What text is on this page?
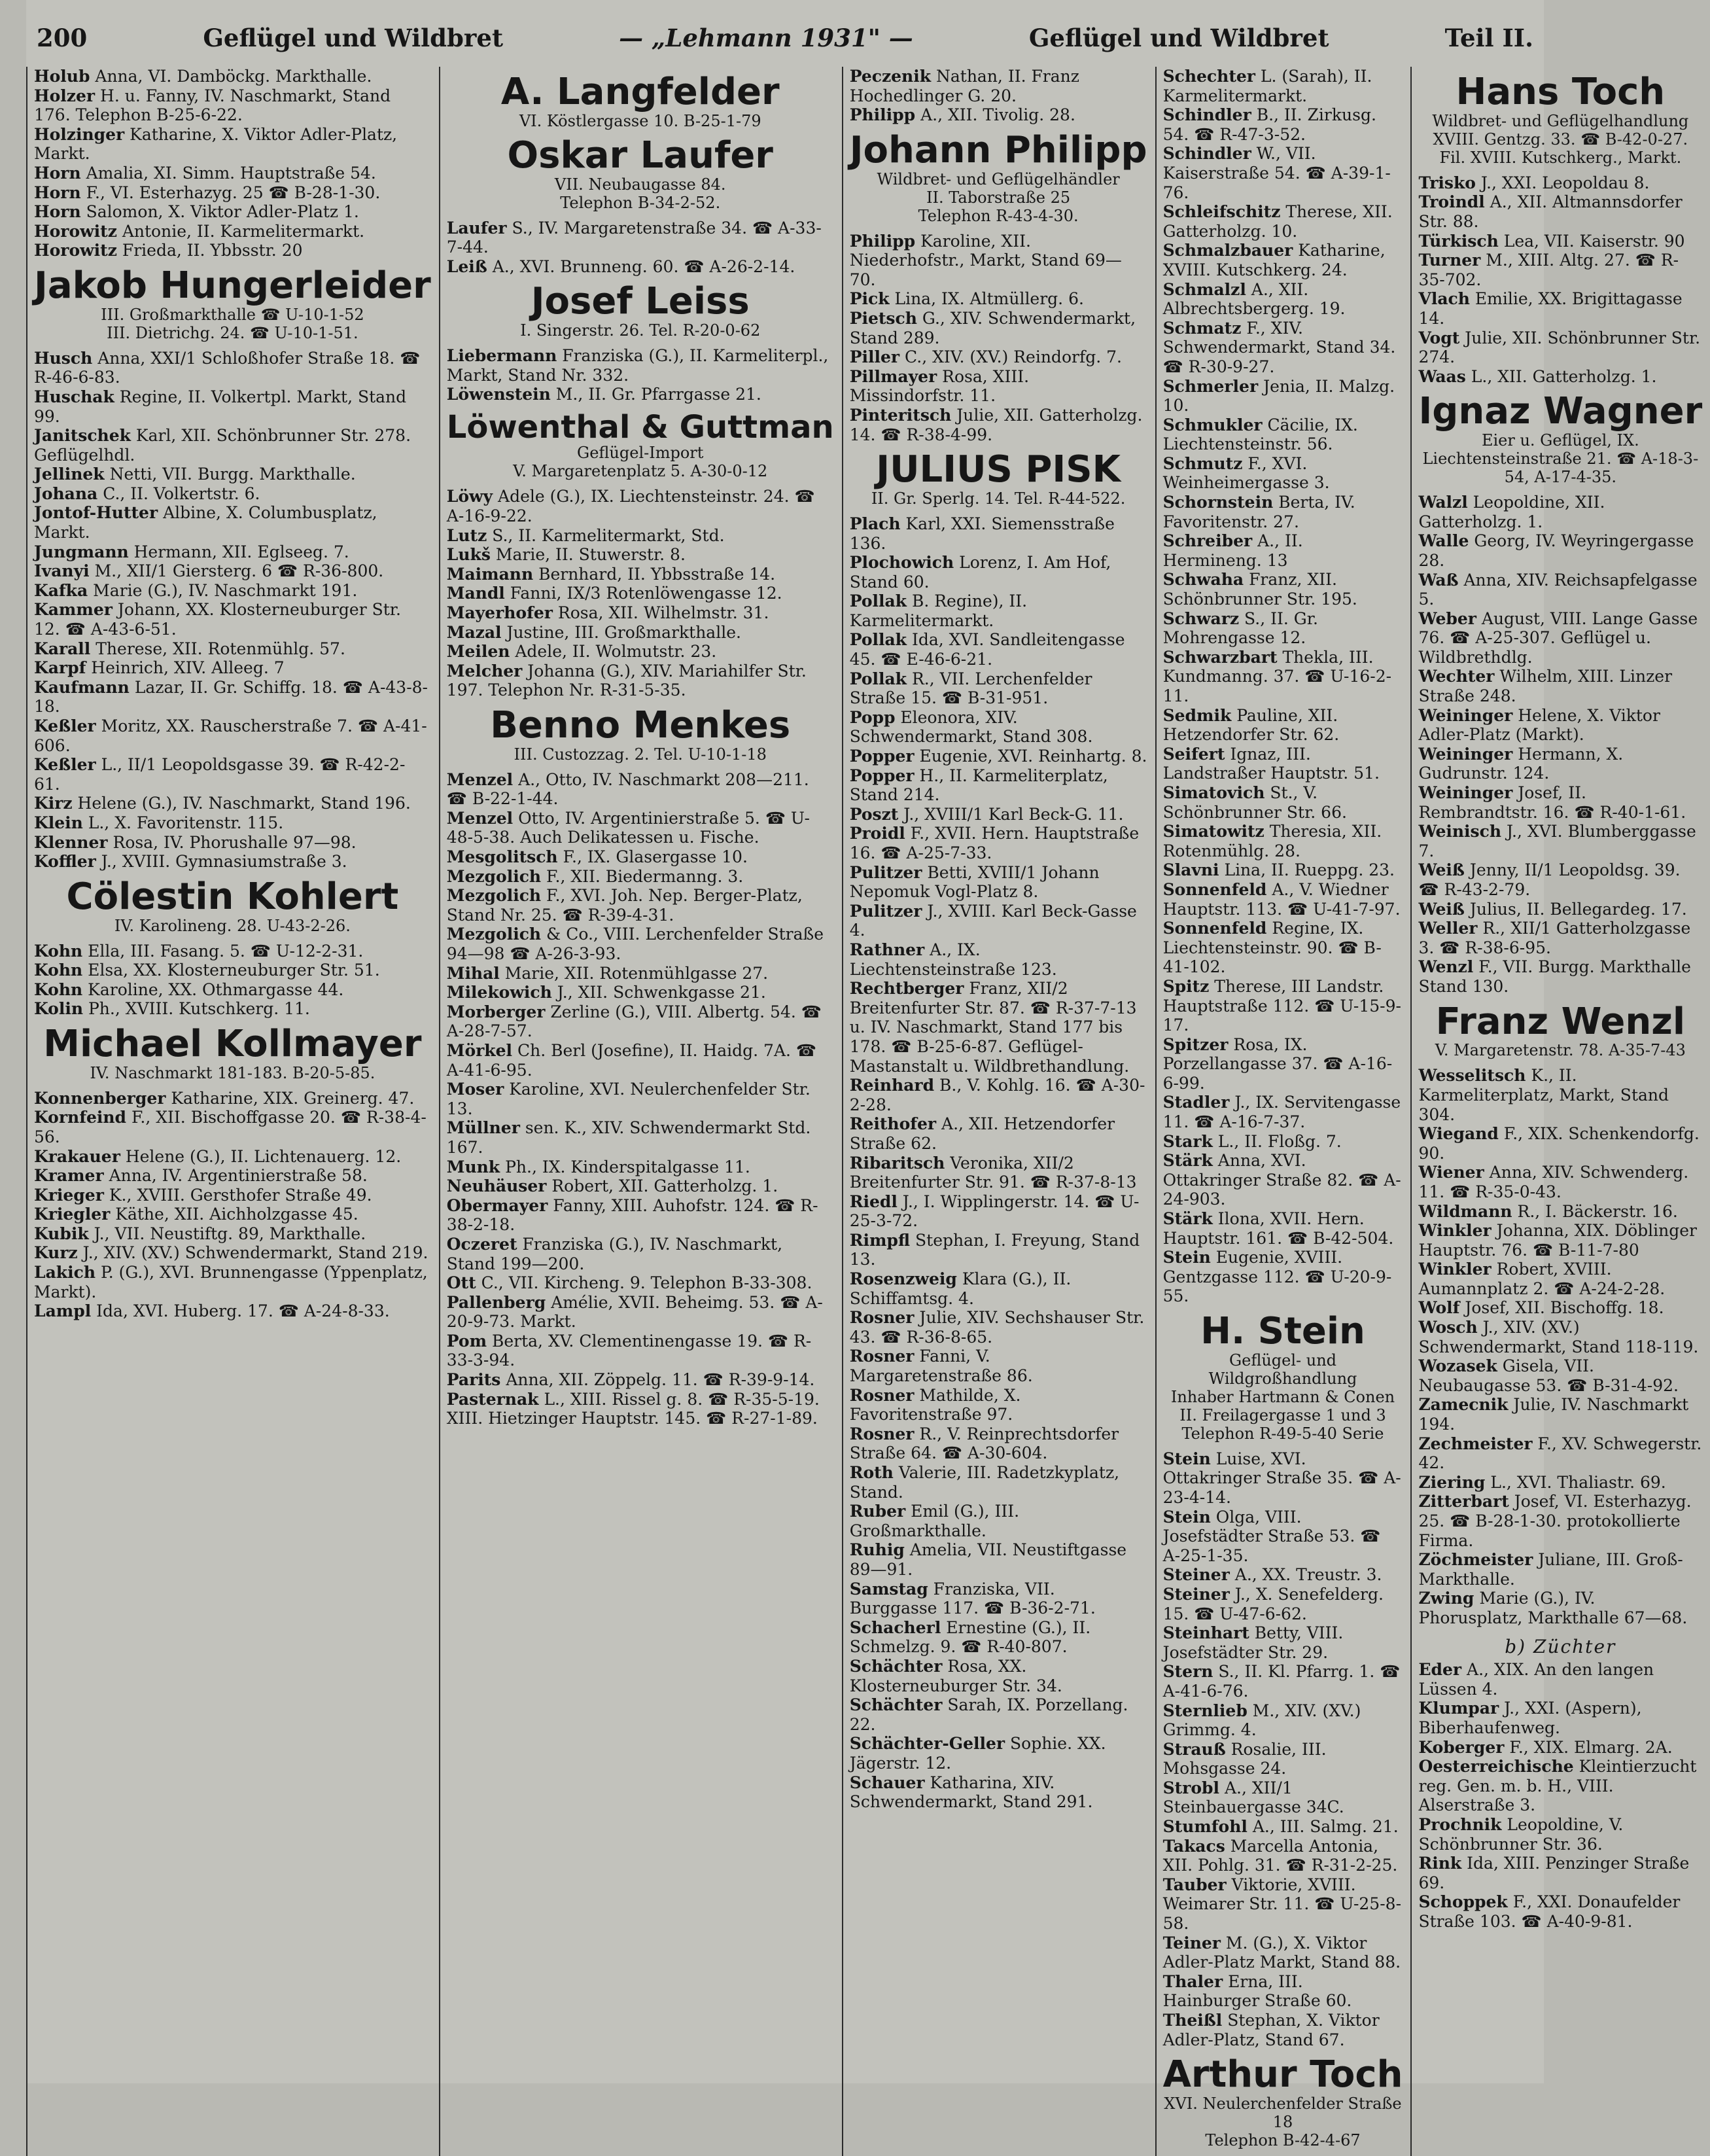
200	Geflügel und Wildbret	— „Lehmann 1931" —	Geflügel und Wildbret	Teil II.
Holub Anna, VI. Damböckg. Markthalle.
Holzer H. u. Fanny, IV. Naschmarkt, Stand 176. Telephon B-25-6-22.
Holzinger Katharine, X. Viktor Adler-Platz, Markt.
Horn Amalia, XI. Simm. Hauptstraße 54.
Horn F., VI. Esterhazyg. 25 ☎ B-28-1-30.
Horn Salomon, X. Viktor Adler-Platz 1.
Horowitz Antonie, II. Karmelitermarkt.
Horowitz Frieda, II. Ybbsstr. 20
Jakob Hungerleider
III. Großmarkthalle ☎ U-10-1-52
III. Dietrichg. 24. ☎ U-10-1-51.
Husch Anna, XXI/1 Schloßhofer Straße 18. ☎ R-46-6-83.
Huschak Regine, II. Volkertpl. Markt, Stand 99.
Janitschek Karl, XII. Schönbrunner Str. 278. Geflügelhdl.
Jellinek Netti, VII. Burgg. Markthalle.
Johana C., II. Volkertstr. 6.
Jontof-Hutter Albine, X. Columbusplatz, Markt.
Jungmann Hermann, XII. Eglseeg. 7.
Ivanyi M., XII/1 Giersterg. 6 ☎ R-36-800.
Kafka Marie (G.), IV. Naschmarkt 191.
Kammer Johann, XX. Klosterneuburger Str. 12. ☎ A-43-6-51.
Karall Therese, XII. Rotenmühlg. 57.
Karpf Heinrich, XIV. Alleeg. 7
Kaufmann Lazar, II. Gr. Schiffg. 18. ☎ A-43-8-18.
Keßler Moritz, XX. Rauscherstraße 7. ☎ A-41-606.
Keßler L., II/1 Leopoldsgasse 39. ☎ R-42-2-61.
Kirz Helene (G.), IV. Naschmarkt, Stand 196.
Klein L., X. Favoritenstr. 115.
Klenner Rosa, IV. Phorushalle 97—98.
Koffler J., XVIII. Gymnasiumstraße 3.
Cölestin Kohlert
IV. Karolineng. 28. U-43-2-26.
Kohn Ella, III. Fasang. 5. ☎ U-12-2-31.
Kohn Elsa, XX. Klosterneuburger Str. 51.
Kohn Karoline, XX. Othmargasse 44.
Kolin Ph., XVIII. Kutschkerg. 11.
Michael Kollmayer
IV. Naschmarkt 181-183. B-20-5-85.
Konnenberger Katharine, XIX. Greinerg. 47.
Kornfeind F., XII. Bischoffgasse 20. ☎ R-38-4-56.
Krakauer Helene (G.), II. Lichtenauerg. 12.
Kramer Anna, IV. Argentinierstraße 58.
Krieger K., XVIII. Gersthofer Straße 49.
Kriegler Käthe, XII. Aichholzgasse 45.
Kubik J., VII. Neustiftg. 89, Markthalle.
Kurz J., XIV. (XV.) Schwendermarkt, Stand 219.
Lakich P. (G.), XVI. Brunnengasse (Yppenplatz, Markt).
Lampl Ida, XVI. Huberg. 17. ☎ A-24-8-33.
A. Langfelder
VI. Köstlergasse 10. B-25-1-79
Oskar Laufer
VII. Neubaugasse 84.
Telephon B-34-2-52.
Laufer S., IV. Margaretenstraße 34. ☎ A-33-7-44.
Leiß A., XVI. Brunneng. 60. ☎ A-26-2-14.
Josef Leiss
I. Singerstr. 26. Tel. R-20-0-62
Liebermann Franziska (G.), II. Karmeliterpl., Markt, Stand Nr. 332.
Löwenstein M., II. Gr. Pfarrgasse 21.
Löwenthal & Guttman
Geflügel-Import
V. Margaretenplatz 5. A-30-0-12
Löwy Adele (G.), IX. Liechtensteinstr. 24. ☎ A-16-9-22.
Lutz S., II. Karmelitermarkt, Std.
Lukš Marie, II. Stuwerstr. 8.
Maimann Bernhard, II. Ybbsstraße 14.
Mandl Fanni, IX/3 Rotenlöwengasse 12.
Mayerhofer Rosa, XII. Wilhelmstr. 31.
Mazal Justine, III. Großmarkthalle.
Meilen Adele, II. Wolmutstr. 23.
Melcher Johanna (G.), XIV. Mariahilfer Str. 197. Telephon Nr. R-31-5-35.
Benno Menkes
III. Custozzag. 2. Tel. U-10-1-18
Menzel A., Otto, IV. Naschmarkt 208—211. ☎ B-22-1-44.
Menzel Otto, IV. Argentinierstraße 5. ☎ U-48-5-38. Auch Delikatessen u. Fische.
Mesgolitsch F., IX. Glasergasse 10.
Mezgolich F., XII. Biedermanng. 3.
Mezgolich F., XVI. Joh. Nep. Berger-Platz, Stand Nr. 25. ☎ R-39-4-31.
Mezgolich & Co., VIII. Lerchenfelder Straße 94—98 ☎ A-26-3-93.
Mihal Marie, XII. Rotenmühlgasse 27.
Milekowich J., XII. Schwenkgasse 21.
Morberger Zerline (G.), VIII. Albertg. 54. ☎ A-28-7-57.
Mörkel Ch. Berl (Josefine), II. Haidg. 7A. ☎ A-41-6-95.
Moser Karoline, XVI. Neulerchenfelder Str. 13.
Müllner sen. K., XIV. Schwendermarkt Std. 167.
Munk Ph., IX. Kinderspitalgasse 11.
Neuhäuser Robert, XII. Gatterholzg. 1.
Obermayer Fanny, XIII. Auhofstr. 124. ☎ R-38-2-18.
Oczeret Franziska (G.), IV. Naschmarkt, Stand 199—200.
Ott C., VII. Kircheng. 9. Telephon B-33-308.
Pallenberg Amélie, XVII. Beheimg. 53. ☎ A-20-9-73. Markt.
Pom Berta, XV. Clementinengasse 19. ☎ R-33-3-94.
Parits Anna, XII. Zöppelg. 11. ☎ R-39-9-14.
Pasternak L., XIII. Rissel g. 8. ☎ R-35-5-19. XIII. Hietzinger Hauptstr. 145. ☎ R-27-1-89.
Peczenik Nathan, II. Franz Hochedlinger G. 20.
Philipp A., XII. Tivolig. 28.
Johann Philipp
Wildbret- und Geflügelhändler
II. Taborstraße 25
Telephon R-43-4-30.
Philipp Karoline, XII. Niederhofstr., Markt, Stand 69—70.
Pick Lina, IX. Altmüllerg. 6.
Pietsch G., XIV. Schwendermarkt, Stand 289.
Piller C., XIV. (XV.) Reindorfg. 7.
Pillmayer Rosa, XIII. Missindorfstr. 11.
Pinteritsch Julie, XII. Gatterholzg. 14. ☎ R-38-4-99.
JULIUS PISK
II. Gr. Sperlg. 14. Tel. R-44-522.
Plach Karl, XXI. Siemensstraße 136.
Plochowich Lorenz, I. Am Hof, Stand 60.
Pollak B. Regine), II. Karmelitermarkt.
Pollak Ida, XVI. Sandleitengasse 45. ☎ E-46-6-21.
Pollak R., VII. Lerchenfelder Straße 15. ☎ B-31-951.
Popp Eleonora, XIV. Schwendermarkt, Stand 308.
Popper Eugenie, XVI. Reinhartg. 8.
Popper H., II. Karmeliterplatz, Stand 214.
Poszt J., XVIII/1 Karl Beck-G. 11.
Proidl F., XVII. Hern. Hauptstraße 16. ☎ A-25-7-33.
Pulitzer Betti, XVIII/1 Johann Nepomuk Vogl-Platz 8.
Pulitzer J., XVIII. Karl Beck-Gasse 4.
Rathner A., IX. Liechtensteinstraße 123.
Rechtberger Franz, XII/2 Breitenfurter Str. 87. ☎ R-37-7-13 u. IV. Naschmarkt, Stand 177 bis 178. ☎ B-25-6-87. Geflügel-Mastanstalt u. Wildbrethandlung.
Reinhard B., V. Kohlg. 16. ☎ A-30-2-28.
Reithofer A., XII. Hetzendorfer Straße 62.
Ribaritsch Veronika, XII/2 Breitenfurter Str. 91. ☎ R-37-8-13
Riedl J., I. Wipplingerstr. 14. ☎ U-25-3-72.
Rimpfl Stephan, I. Freyung, Stand 13.
Rosenzweig Klara (G.), II. Schiffamtsg. 4.
Rosner Julie, XIV. Sechshauser Str. 43. ☎ R-36-8-65.
Rosner Fanni, V. Margaretenstraße 86.
Rosner Mathilde, X. Favoritenstraße 97.
Rosner R., V. Reinprechtsdorfer Straße 64. ☎ A-30-604.
Roth Valerie, III. Radetzkyplatz, Stand.
Ruber Emil (G.), III. Großmarkthalle.
Ruhig Amelia, VII. Neustiftgasse 89—91.
Samstag Franziska, VII. Burggasse 117. ☎ B-36-2-71.
Schacherl Ernestine (G.), II. Schmelzg. 9. ☎ R-40-807.
Schächter Rosa, XX. Klosterneuburger Str. 34.
Schächter Sarah, IX. Porzellang. 22.
Schächter-Geller Sophie. XX. Jägerstr. 12.
Schauer Katharina, XIV. Schwendermarkt, Stand 291.
Schechter L. (Sarah), II. Karmelitermarkt.
Schindler B., II. Zirkusg. 54. ☎ R-47-3-52.
Schindler W., VII. Kaiserstraße 54. ☎ A-39-1-76.
Schleifschitz Therese, XII. Gatterholzg. 10.
Schmalzbauer Katharine, XVIII. Kutschkerg. 24.
Schmalzl A., XII. Albrechtsbergerg. 19.
Schmatz F., XIV. Schwendermarkt, Stand 34. ☎ R-30-9-27.
Schmerler Jenia, II. Malzg. 10.
Schmukler Cäcilie, IX. Liechtensteinstr. 56.
Schmutz F., XVI. Weinheimergasse 3.
Schornstein Berta, IV. Favoritenstr. 27.
Schreiber A., II. Hermineng. 13
Schwaha Franz, XII. Schönbrunner Str. 195.
Schwarz S., II. Gr. Mohrengasse 12.
Schwarzbart Thekla, III. Kundmanng. 37. ☎ U-16-2-11.
Sedmik Pauline, XII. Hetzendorfer Str. 62.
Seifert Ignaz, III. Landstraßer Hauptstr. 51.
Simatovich St., V. Schönbrunner Str. 66.
Simatowitz Theresia, XII. Rotenmühlg. 28.
Slavni Lina, II. Rueppg. 23.
Sonnenfeld A., V. Wiedner Hauptstr. 113. ☎ U-41-7-97.
Sonnenfeld Regine, IX. Liechtensteinstr. 90. ☎ B-41-102.
Spitz Therese, III Landstr. Hauptstraße 112. ☎ U-15-9-17.
Spitzer Rosa, IX. Porzellangasse 37. ☎ A-16-6-99.
Stadler J., IX. Servitengasse 11. ☎ A-16-7-37.
Stark L., II. Floßg. 7.
Stärk Anna, XVI. Ottakringer Straße 82. ☎ A-24-903.
Stärk Ilona, XVII. Hern. Hauptstr. 161. ☎ B-42-504.
Stein Eugenie, XVIII. Gentzgasse 112. ☎ U-20-9-55.
H. Stein
Geflügel- und Wildgroßhandlung
Inhaber Hartmann & Conen
II. Freilagergasse 1 und 3
Telephon R-49-5-40 Serie
Stein Luise, XVI. Ottakringer Straße 35. ☎ A-23-4-14.
Stein Olga, VIII. Josefstädter Straße 53. ☎ A-25-1-35.
Steiner A., XX. Treustr. 3.
Steiner J., X. Senefelderg. 15. ☎ U-47-6-62.
Steinhart Betty, VIII. Josefstädter Str. 29.
Stern S., II. Kl. Pfarrg. 1. ☎ A-41-6-76.
Sternlieb M., XIV. (XV.) Grimmg. 4.
Strauß Rosalie, III. Mohsgasse 24.
Strobl A., XII/1 Steinbauergasse 34C.
Stumfohl A., III. Salmg. 21.
Takacs Marcella Antonia, XII. Pohlg. 31. ☎ R-31-2-25.
Tauber Viktorie, XVIII. Weimarer Str. 11. ☎ U-25-8-58.
Teiner M. (G.), X. Viktor Adler-Platz Markt, Stand 88.
Thaler Erna, III. Hainburger Straße 60.
Theißl Stephan, X. Viktor Adler-Platz, Stand 67.
Arthur Toch
XVI. Neulerchenfelder Straße 18
Telephon B-42-4-67
Hans Toch
Wildbret- und Geflügelhandlung
XVIII. Gentzg. 33. ☎ B-42-0-27.
Fil. XVIII. Kutschkerg., Markt.
Trisko J., XXI. Leopoldau 8.
Troindl A., XII. Altmannsdorfer Str. 88.
Türkisch Lea, VII. Kaiserstr. 90
Turner M., XIII. Altg. 27. ☎ R-35-702.
Vlach Emilie, XX. Brigittagasse 14.
Vogt Julie, XII. Schönbrunner Str. 274.
Waas L., XII. Gatterholzg. 1.
Ignaz Wagner
Eier u. Geflügel, IX. Liechtensteinstraße 21. ☎ A-18-3-54, A-17-4-35.
Walzl Leopoldine, XII. Gatterholzg. 1.
Walle Georg, IV. Weyringergasse 28.
Waß Anna, XIV. Reichsapfelgasse 5.
Weber August, VIII. Lange Gasse 76. ☎ A-25-307. Geflügel u. Wildbrethdlg.
Wechter Wilhelm, XIII. Linzer Straße 248.
Weininger Helene, X. Viktor Adler-Platz (Markt).
Weininger Hermann, X. Gudrunstr. 124.
Weininger Josef, II. Rembrandtstr. 16. ☎ R-40-1-61.
Weinisch J., XVI. Blumberggasse 7.
Weiß Jenny, II/1 Leopoldsg. 39. ☎ R-43-2-79.
Weiß Julius, II. Bellegardeg. 17.
Weller R., XII/1 Gatterholzgasse 3. ☎ R-38-6-95.
Wenzl F., VII. Burgg. Markthalle Stand 130.
Franz Wenzl
V. Margaretenstr. 78. A-35-7-43
Wesselitsch K., II. Karmeliterplatz, Markt, Stand 304.
Wiegand F., XIX. Schenkendorfg. 90.
Wiener Anna, XIV. Schwenderg. 11. ☎ R-35-0-43.
Wildmann R., I. Bäckerstr. 16.
Winkler Johanna, XIX. Döblinger Hauptstr. 76. ☎ B-11-7-80
Winkler Robert, XVIII. Aumannplatz 2. ☎ A-24-2-28.
Wolf Josef, XII. Bischoffg. 18.
Wosch J., XIV. (XV.) Schwendermarkt, Stand 118-119.
Wozasek Gisela, VII. Neubaugasse 53. ☎ B-31-4-92.
Zamecnik Julie, IV. Naschmarkt 194.
Zechmeister F., XV. Schwegerstr. 42.
Ziering L., XVI. Thaliastr. 69.
Zitterbart Josef, VI. Esterhazyg. 25. ☎ B-28-1-30. protokollierte Firma.
Zöchmeister Juliane, III. Groß-Markthalle.
Zwing Marie (G.), IV. Phorusplatz, Markthalle 67—68.
b) Züchter
Eder A., XIX. An den langen Lüssen 4.
Klumpar J., XXI. (Aspern), Biberhaufenweg.
Koberger F., XIX. Elmarg. 2A.
Oesterreichische Kleintierzucht reg. Gen. m. b. H., VIII. Alserstraße 3.
Prochnik Leopoldine, V. Schönbrunner Str. 36.
Rink Ida, XIII. Penzinger Straße 69.
Schoppek F., XXI. Donaufelder Straße 103. ☎ A-40-9-81.
